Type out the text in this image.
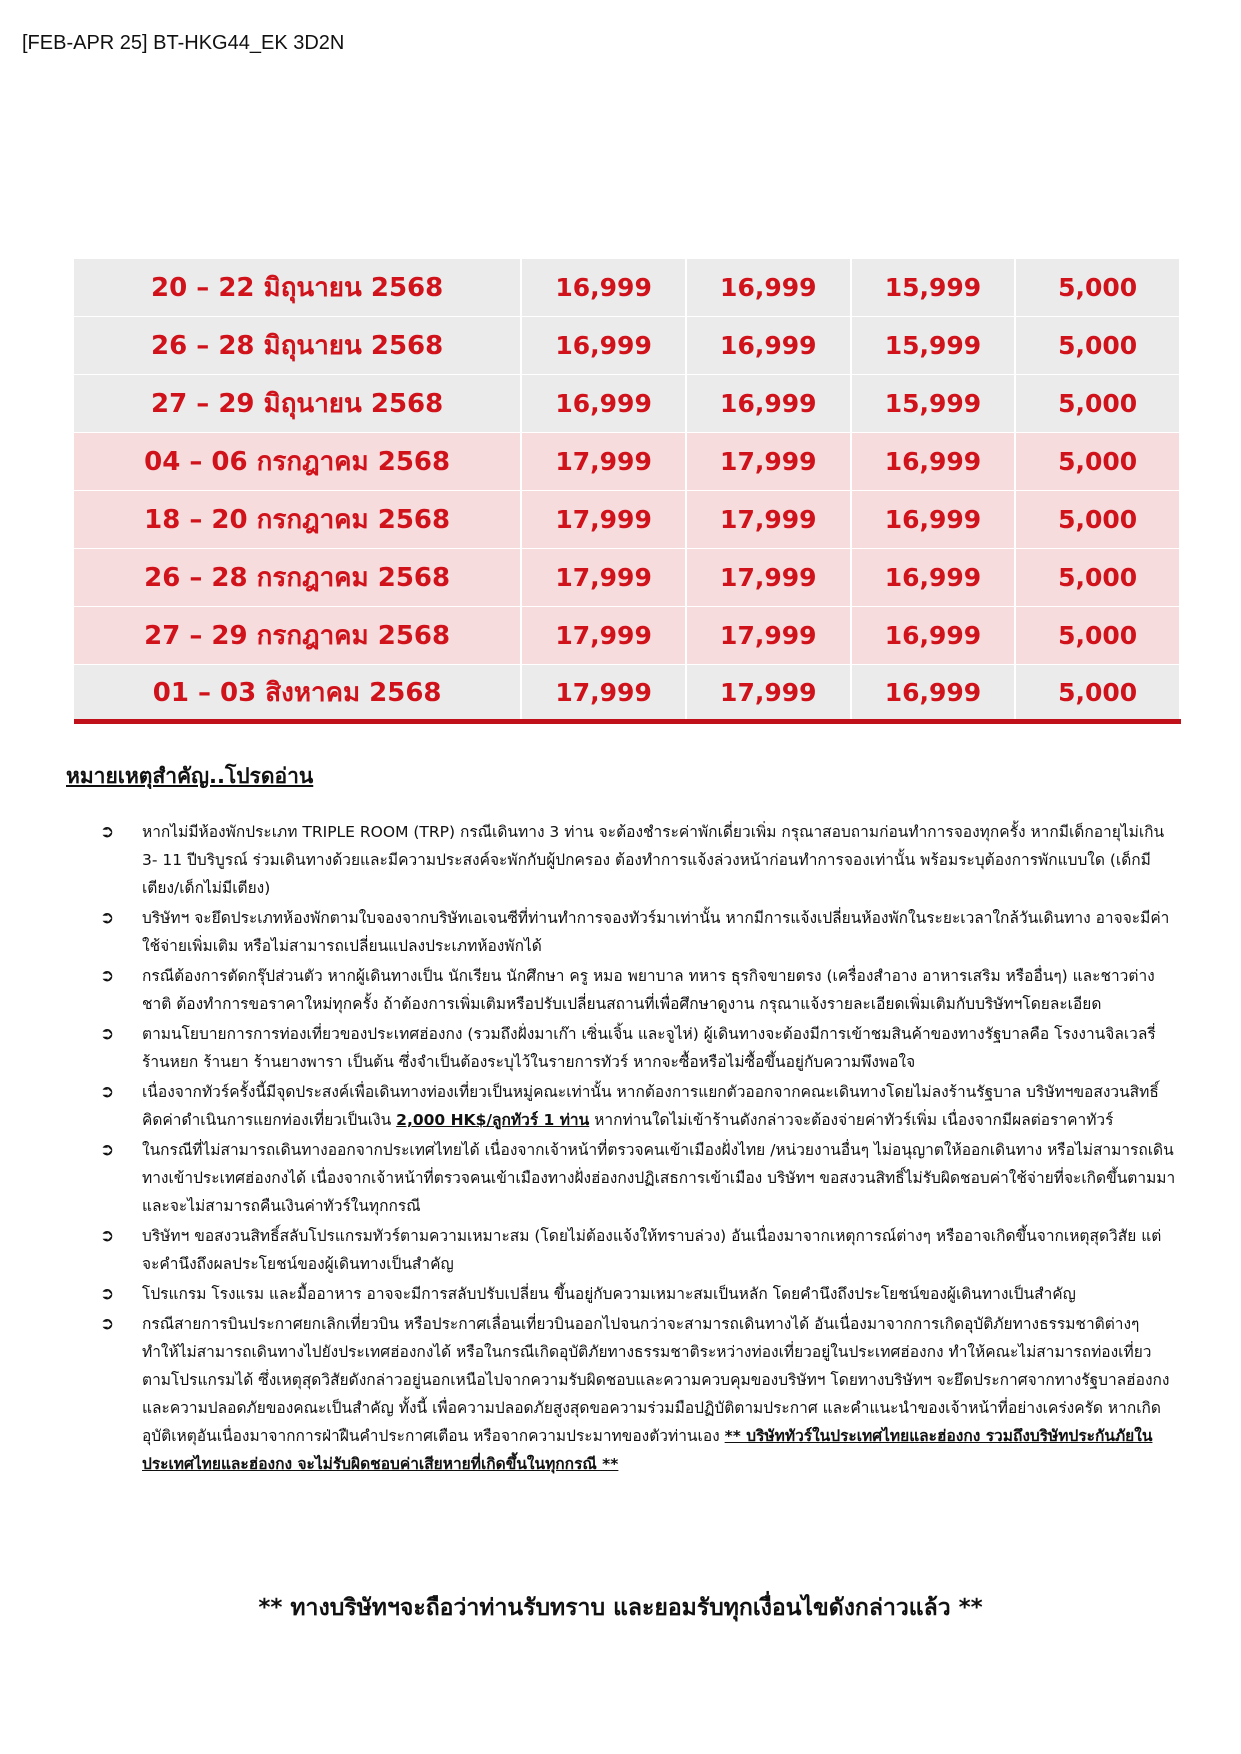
[FEB-APR 25] BT-HKG44_EK 3D2N
20 – 22 มิถุนายน 2568	16,999	16,999	15,999	5,000
26 – 28 มิถุนายน 2568	16,999	16,999	15,999	5,000
27 – 29 มิถุนายน 2568	16,999	16,999	15,999	5,000
04 – 06 กรกฎาคม 2568	17,999	17,999	16,999	5,000
18 – 20 กรกฎาคม 2568	17,999	17,999	16,999	5,000
26 – 28 กรกฎาคม 2568	17,999	17,999	16,999	5,000
27 – 29 กรกฎาคม 2568	17,999	17,999	16,999	5,000
01 – 03 สิงหาคม 2568	17,999	17,999	16,999	5,000
หมายเหตุสำคัญ..โปรดอ่าน
➲ หากไม่มีห้องพักประเภท TRIPLE ROOM (TRP) กรณีเดินทาง 3 ท่าน จะต้องชำระค่าพักเดี่ยวเพิ่ม กรุณาสอบถามก่อนทำการจองทุกครั้ง หากมีเด็กอายุไม่เกิน 3- 11 ปีบริบูรณ์ ร่วมเดินทางด้วยและมีความประสงค์จะพักกับผู้ปกครอง ต้องทำการแจ้งล่วงหน้าก่อนทำการจองเท่านั้น พร้อมระบุต้องการพักแบบใด (เด็กมีเตียง/เด็กไม่มีเตียง)
➲ บริษัทฯ จะยึดประเภทห้องพักตามใบจองจากบริษัทเอเจนซีที่ท่านทำการจองทัวร์มาเท่านั้น หากมีการแจ้งเปลี่ยนห้องพักในระยะเวลาใกล้วันเดินทาง อาจจะมีค่าใช้จ่ายเพิ่มเติม หรือไม่สามารถเปลี่ยนแปลงประเภทห้องพักได้
➲ กรณีต้องการตัดกรุ๊ปส่วนตัว หากผู้เดินทางเป็น นักเรียน นักศึกษา ครู หมอ พยาบาล ทหาร ธุรกิจขายตรง (เครื่องสำอาง อาหารเสริม หรืออื่นๆ) และชาวต่างชาติ ต้องทำการขอราคาใหม่ทุกครั้ง ถ้าต้องการเพิ่มเติมหรือปรับเปลี่ยนสถานที่เพื่อศึกษาดูงาน กรุณาแจ้งรายละเอียดเพิ่มเติมกับบริษัทฯโดยละเอียด
➲ ตามนโยบายการการท่องเที่ยวของประเทศฮ่องกง (รวมถึงฝั่งมาเก๊า เซิ่นเจิ้น และจูไห่) ผู้เดินทางจะต้องมีการเข้าชมสินค้าของทางรัฐบาลคือ โรงงานจิลเวลรี่ ร้านหยก ร้านยา ร้านยางพารา เป็นต้น ซึ่งจำเป็นต้องระบุไว้ในรายการทัวร์ หากจะซื้อหรือไม่ซื้อขึ้นอยู่กับความพึงพอใจ
➲ เนื่องจากทัวร์ครั้งนี้มีจุดประสงค์เพื่อเดินทางท่องเที่ยวเป็นหมู่คณะเท่านั้น หากต้องการแยกตัวออกจากคณะเดินทางโดยไม่ลงร้านรัฐบาล บริษัทฯขอสงวนสิทธิ์คิดค่าดำเนินการแยกท่องเที่ยวเป็นเงิน 2,000 HK$/ลูกทัวร์ 1 ท่าน หากท่านใดไม่เข้าร้านดังกล่าวจะต้องจ่ายค่าทัวร์เพิ่ม เนื่องจากมีผลต่อราคาทัวร์
➲ ในกรณีที่ไม่สามารถเดินทางออกจากประเทศไทยได้ เนื่องจากเจ้าหน้าที่ตรวจคนเข้าเมืองฝั่งไทย /หน่วยงานอื่นๆ ไม่อนุญาตให้ออกเดินทาง หรือไม่สามารถเดินทางเข้าประเทศฮ่องกงได้ เนื่องจากเจ้าหน้าที่ตรวจคนเข้าเมืองทางฝั่งฮ่องกงปฏิเสธการเข้าเมือง บริษัทฯ ขอสงวนสิทธิ์ไม่รับผิดชอบค่าใช้จ่ายที่จะเกิดขึ้นตามมา และจะไม่สามารถคืนเงินค่าทัวร์ในทุกกรณี
➲ บริษัทฯ ขอสงวนสิทธิ์สลับโปรแกรมทัวร์ตามความเหมาะสม (โดยไม่ต้องแจ้งให้ทราบล่วง) อันเนื่องมาจากเหตุการณ์ต่างๆ หรืออาจเกิดขึ้นจากเหตุสุดวิสัย แต่จะคำนึงถึงผลประโยชน์ของผู้เดินทางเป็นสำคัญ
➲ โปรแกรม โรงแรม และมื้ออาหาร อาจจะมีการสลับปรับเปลี่ยน ขึ้นอยู่กับความเหมาะสมเป็นหลัก โดยคำนึงถึงประโยชน์ของผู้เดินทางเป็นสำคัญ
➲ กรณีสายการบินประกาศยกเลิกเที่ยวบิน หรือประกาศเลื่อนเที่ยวบินออกไปจนกว่าจะสามารถเดินทางได้ อันเนื่องมาจากการเกิดอุบัติภัยทางธรรมชาติต่างๆ ทำให้ไม่สามารถเดินทางไปยังประเทศฮ่องกงได้ หรือในกรณีเกิดอุบัติภัยทางธรรมชาติระหว่างท่องเที่ยวอยู่ในประเทศฮ่องกง ทำให้คณะไม่สามารถท่องเที่ยวตามโปรแกรมได้ ซึ่งเหตุสุดวิสัยดังกล่าวอยู่นอกเหนือไปจากความรับผิดชอบและความควบคุมของบริษัทฯ โดยทางบริษัทฯ จะยึดประกาศจากทางรัฐบาลฮ่องกง และความปลอดภัยของคณะเป็นสำคัญ ทั้งนี้ เพื่อความปลอดภัยสูงสุดขอความร่วมมือปฏิบัติตามประกาศ และคำแนะนำของเจ้าหน้าที่อย่างเคร่งครัด หากเกิดอุบัติเหตุอันเนื่องมาจากการฝ่าฝืนคำประกาศเตือน หรือจากความประมาทของตัวท่านเอง ** บริษัททัวร์ในประเทศไทยและฮ่องกง รวมถึงบริษัทประกันภัยในประเทศไทยและฮ่องกง จะไม่รับผิดชอบค่าเสียหายที่เกิดขึ้นในทุกกรณี **
** ทางบริษัทฯจะถือว่าท่านรับทราบ และยอมรับทุกเงื่อนไขดังกล่าวแล้ว **
